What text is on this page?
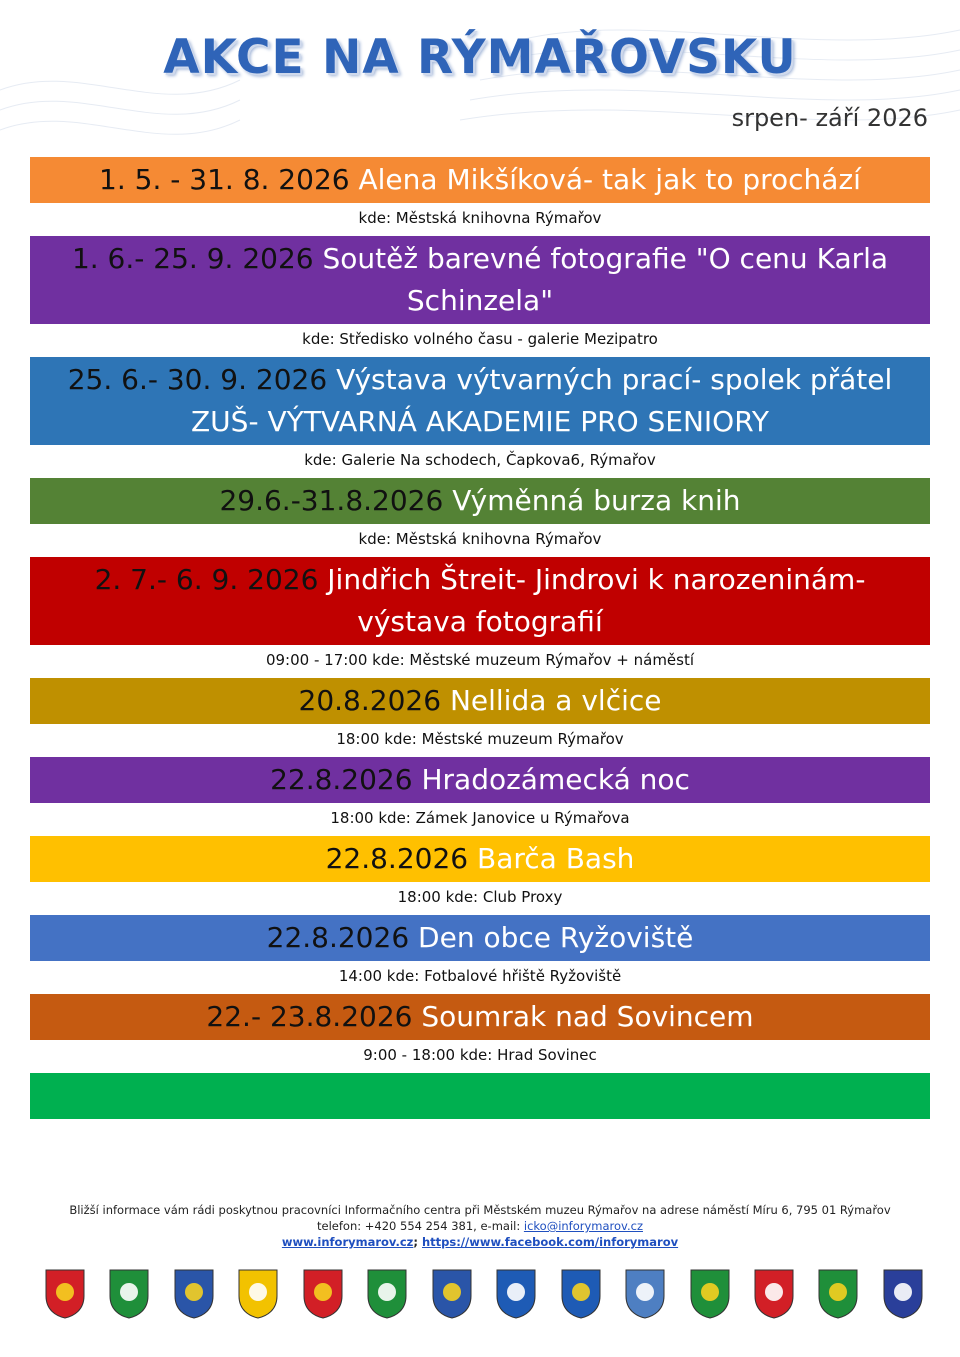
AKCE NA RÝMAŘOVSKU
srpen- září 2026
1. 5. - 31. 8. 2026 Alena Mikšíková- tak jak to prochází
kde: Městská knihovna Rýmařov
1. 6.- 25. 9. 2026 Soutěž barevné fotografie "O cenu Karla Schinzela"
kde: Středisko volného času - galerie Mezipatro
25. 6.- 30. 9. 2026 Výstava výtvarných prací- spolek přátel ZUŠ- VÝTVARNÁ AKADEMIE PRO SENIORY
kde: Galerie Na schodech, Čapkova6, Rýmařov
29.6.-31.8.2026 Výměnná burza knih
kde: Městská knihovna Rýmařov
2. 7.- 6. 9. 2026 Jindřich Štreit- Jindrovi k narozeninám- výstava fotografií
09:00 - 17:00 kde: Městské muzeum Rýmařov + náměstí
20.8.2026 Nellida a vlčice
18:00 kde: Městské muzeum Rýmařov
22.8.2026 Hradozámecká noc
18:00 kde: Zámek Janovice u Rýmařova
22.8.2026 Barča Bash
18:00 kde: Club Proxy
22.8.2026 Den obce Ryžoviště
14:00 kde: Fotbalové hřiště Ryžoviště
22.- 23.8.2026 Soumrak nad Sovincem
9:00 - 18:00 kde: Hrad Sovinec
Bližší informace vám rádi poskytnou pracovníci Informačního centra při Městském muzeu Rýmařov na adrese náměstí Míru 6, 795 01 Rýmařov
telefon: +420 554 254 381, e-mail: icko@inforymarov.cz
www.inforymarov.cz; https://www.facebook.com/inforymarov
